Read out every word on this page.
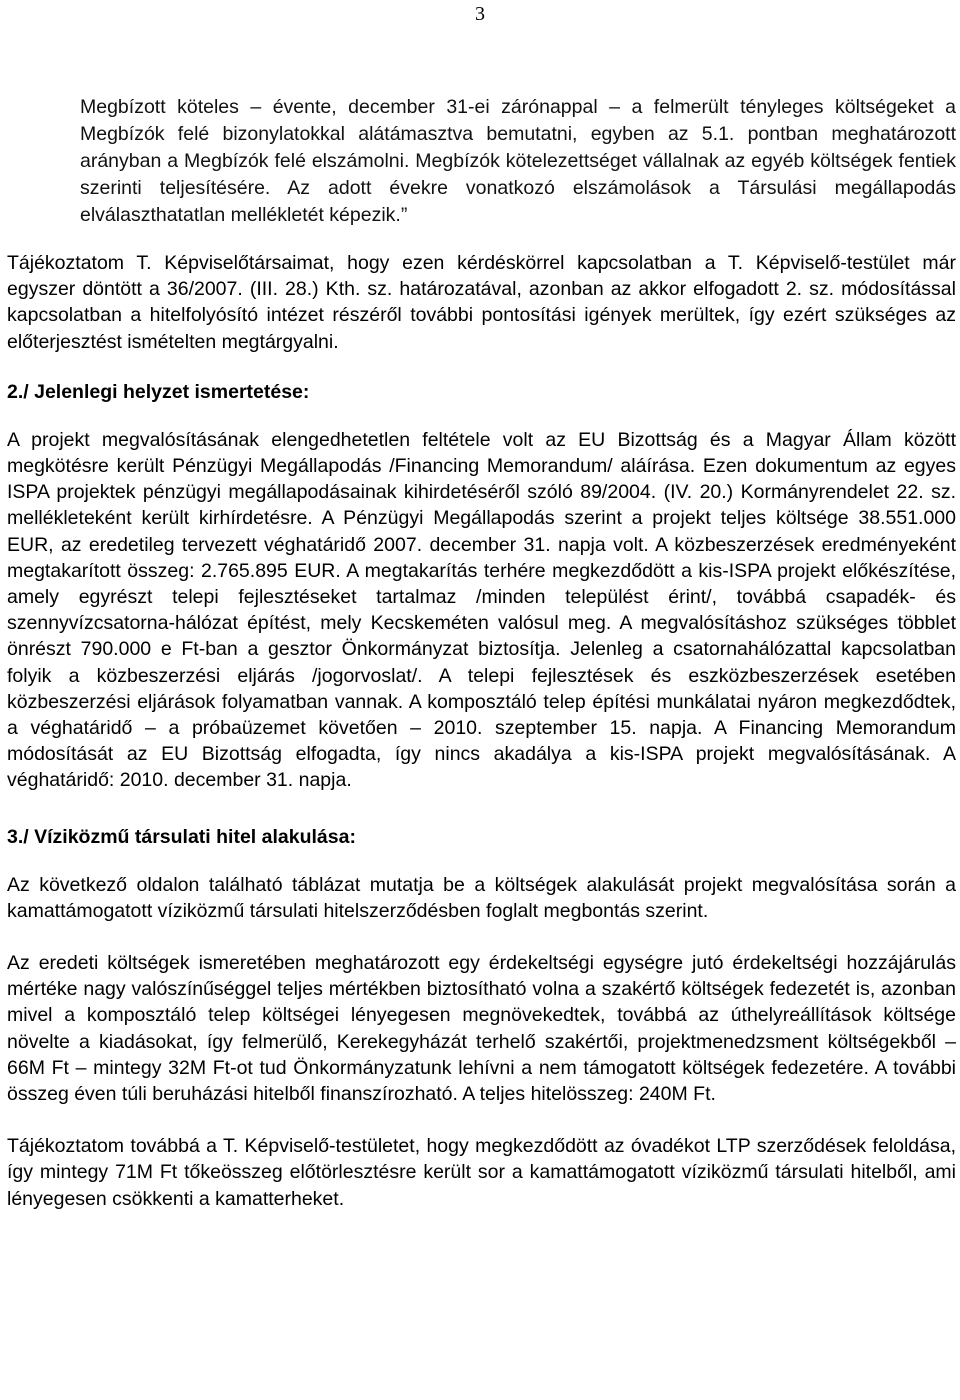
3
Megbízott köteles – évente, december 31-ei zárónappal – a felmerült tényleges költségeket a Megbízók felé bizonylatokkal alátámasztva bemutatni, egyben az 5.1. pontban meghatározott arányban a Megbízók felé elszámolni. Megbízók kötelezettséget vállalnak az egyéb költségek fentiek szerinti teljesítésére. Az adott évekre vonatkozó elszámolások a Társulási megállapodás elválaszthatatlan mellékletét képezik.”

Tájékoztatom T. Képviselőtársaimat, hogy ezen kérdéskörrel kapcsolatban a T. Képviselő-testület már egyszer döntött a 36/2007. (III. 28.) Kth. sz. határozatával, azonban az akkor elfogadott 2. sz. módosítással kapcsolatban a hitelfolyósító intézet részéről további pontosítási igények merültek, így ezért szükséges az előterjesztést ismételten megtárgyalni.

2./ Jelenlegi helyzet ismertetése:

A projekt megvalósításának elengedhetetlen feltétele volt az EU Bizottság és a Magyar Állam között megkötésre került Pénzügyi Megállapodás /Financing Memorandum/ aláírása. Ezen dokumentum az egyes ISPA projektek pénzügyi megállapodásainak kihirdetéséről szóló 89/2004. (IV. 20.) Kormányrendelet 22. sz. mellékleteként került kirhírdetésre. A Pénzügyi Megállapodás szerint a projekt teljes költsége 38.551.000 EUR, az eredetileg tervezett véghatáridő 2007. december 31. napja volt. A közbeszerzések eredményeként megtakarított összeg: 2.765.895 EUR. A megtakarítás terhére megkezdődött a kis-ISPA projekt előkészítése, amely egyrészt telepi fejlesztéseket tartalmaz /minden települést érint/, továbbá csapadék- és szennyvízcsatorna-hálózat építést, mely Kecskeméten valósul meg. A megvalósításhoz szükséges többlet önrészt 790.000 e Ft-ban a gesztor Önkormányzat biztosítja. Jelenleg a csatornahálózattal kapcsolatban folyik a közbeszerzési eljárás /jogorvoslat/. A telepi fejlesztések és eszközbeszerzések esetében közbeszerzési eljárások folyamatban vannak. A komposztáló telep építési munkálatai nyáron megkezdődtek, a véghatáridő – a próbaüzemet követően – 2010. szeptember 15. napja. A Financing Memorandum módosítását az EU Bizottság elfogadta, így nincs akadálya a kis-ISPA projekt megvalósításának. A véghatáridő: 2010. december 31. napja.

3./ Víziközmű társulati hitel alakulása:

Az következő oldalon található táblázat mutatja be a költségek alakulását projekt megvalósítása során a kamattámogatott víziközmű társulati hitelszerződésben foglalt megbontás szerint.

Az eredeti költségek ismeretében meghatározott egy érdekeltségi egységre jutó érdekeltségi hozzájárulás mértéke nagy valószínűséggel teljes mértékben biztosítható volna a szakértő költségek fedezetét is, azonban mivel a komposztáló telep költségei lényegesen megnövekedtek, továbbá az úthelyreállítások költsége növelte a kiadásokat, így felmerülő, Kerekegyházát terhelő szakértői, projektmenedzsment költségekből – 66M Ft – mintegy 32M Ft-ot tud Önkormányzatunk lehívni a nem támogatott költségek fedezetére. A további összeg éven túli beruházási hitelből finanszírozható. A teljes hitelösszeg: 240M Ft.

Tájékoztatom továbbá a T. Képviselő-testületet, hogy megkezdődött az óvadékot LTP szerződések feloldása, így mintegy 71M Ft tőkeösszeg előtörlesztésre került sor a kamattámogatott víziközmű társulati hitelből, ami lényegesen csökkenti a kamatterheket.
